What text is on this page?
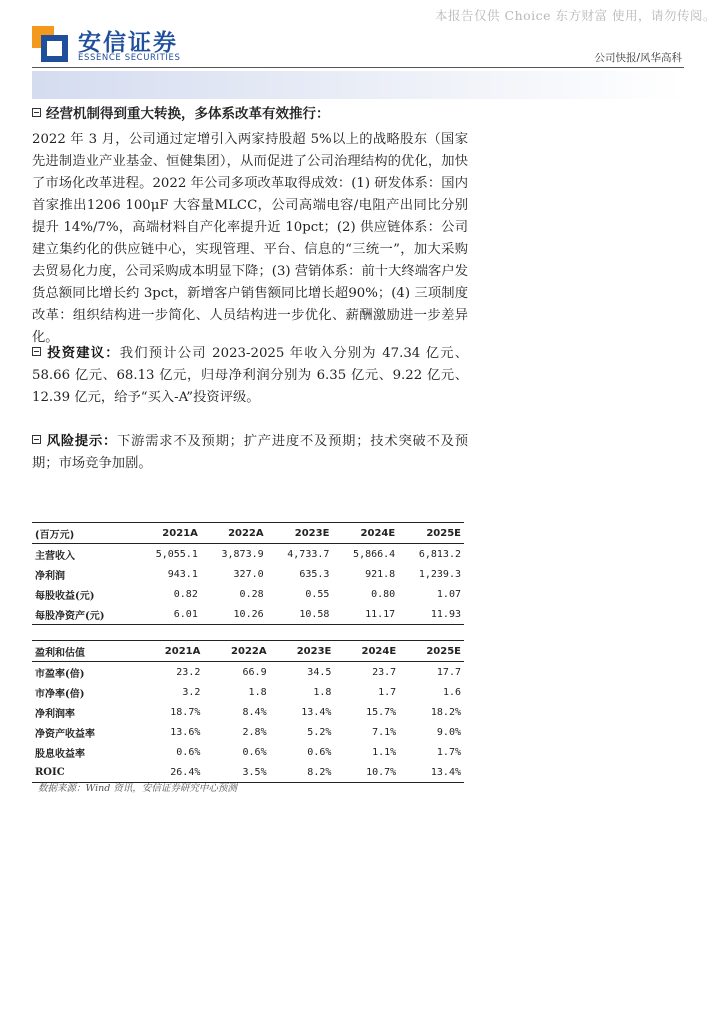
本报告仅供 Choice 东方财富 使用，请勿传阅。
安信证券
ESSENCE SECURITIES	公司快报/风华高科

经营机制得到重大转换，多体系改革有效推行：

2022 年 3 月，公司通过定增引入两家持股超 5%以上的战略股东（国家先进制造业产业基金、恒健集团），从而促进了公司治理结构的优化，加快了市场化改革进程。2022 年公司多项改革取得成效：(1) 研发体系：国内首家推出1206 100μF 大容量MLCC，公司高端电容/电阻产出同比分别提升 14%/7%，高端材料自产化率提升近 10pct；(2) 供应链体系：公司建立集约化的供应链中心，实现管理、平台、信息的“三统一”，加大采购去贸易化力度，公司采购成本明显下降；(3) 营销体系：前十大终端客户发货总额同比增长约 3pct，新增客户销售额同比增长超90%；(4) 三项制度改革：组织结构进一步简化、人员结构进一步优化、薪酬激励进一步差异化。

投资建议：我们预计公司 2023-2025 年收入分别为 47.34 亿元、58.66 亿元、68.13 亿元，归母净利润分别为 6.35 亿元、9.22 亿元、12.39 亿元，给予“买入-A”投资评级。

风险提示：下游需求不及预期；扩产进度不及预期；技术突破不及预期；市场竞争加剧。

(百万元)	2021A	2022A	2023E	2024E	2025E
主营收入	5,055.1	3,873.9	4,733.7	5,866.4	6,813.2
净利润	943.1	327.0	635.3	921.8	1,239.3
每股收益(元)	0.82	0.28	0.55	0.80	1.07
每股净资产(元)	6.01	10.26	10.58	11.17	11.93
盈利和估值	2021A	2022A	2023E	2024E	2025E
市盈率(倍)	23.2	66.9	34.5	23.7	17.7
市净率(倍)	3.2	1.8	1.8	1.7	1.6
净利润率	18.7%	8.4%	13.4%	15.7%	18.2%
净资产收益率	13.6%	2.8%	5.2%	7.1%	9.0%
股息收益率	0.6%	0.6%	0.6%	1.1%	1.7%
ROIC	26.4%	3.5%	8.2%	10.7%	13.4%
数据来源：Wind 资讯，安信证券研究中心预测
